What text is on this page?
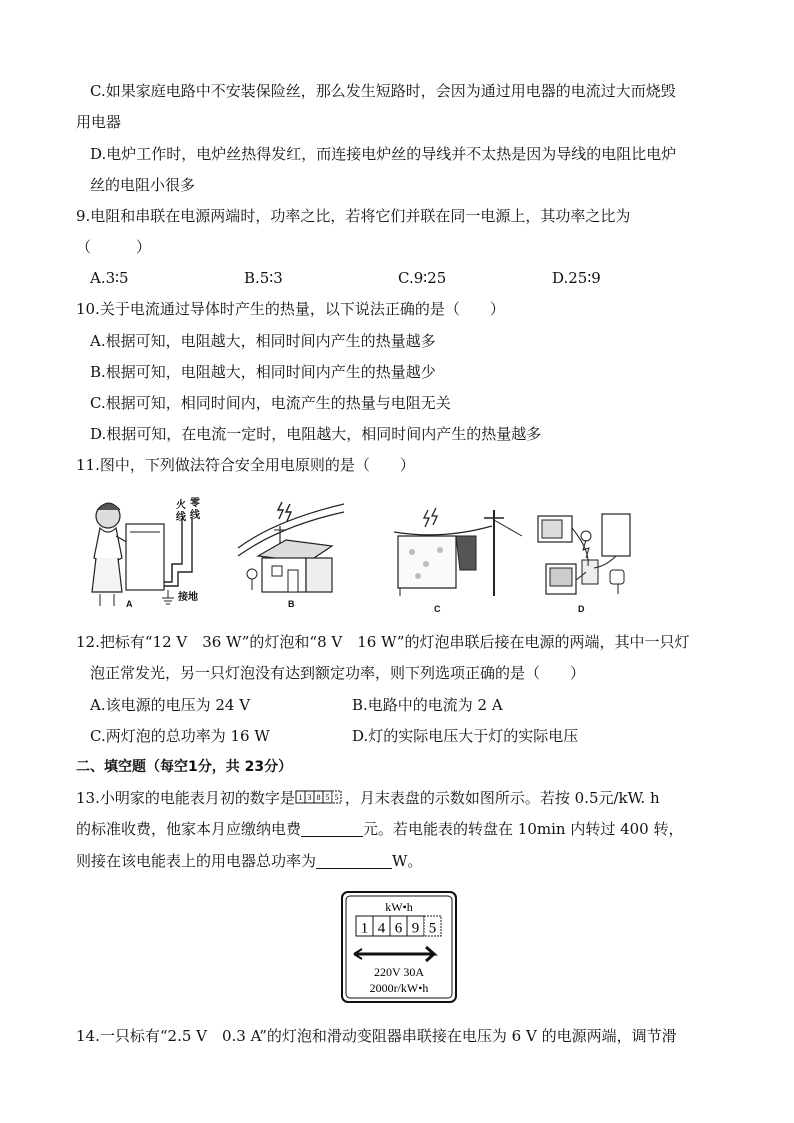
C.如果家庭电路中不安装保险丝，那么发生短路时，会因为通过用电器的电流过大而烧毁
用电器
D.电炉工作时，电炉丝热得发红，而连接电炉丝的导线并不太热是因为导线的电阻比电炉
丝的电阻小很多
9.电阻和串联在电源两端时，功率之比，若将它们并联在同一电源上，其功率之比为
（　　　）
A.3∶5	B.5∶3	C.9∶25	D.25∶9
10.关于电流通过导体时产生的热量，以下说法正确的是（　　）
A.根据可知，电阻越大，相同时间内产生的热量越多
B.根据可知，电阻越大，相同时间内产生的热量越少
C.根据可知，相同时间内，电流产生的热量与电阻无关
D.根据可知，在电流一定时，电阻越大，相同时间内产生的热量越多
11.图中，下列做法符合安全用电原则的是（　　）
火
线
零
线
接地
A	B	C	D
12.把标有“12 V　36 W”的灯泡和“8 V　16 W”的灯泡串联后接在电源的两端，其中一只灯
泡正常发光，另一只灯泡没有达到额定功率，则下列选项正确的是（　　）
A.该电源的电压为 24 V	B.电路中的电流为 2 A
C.两灯泡的总功率为 16 W	D.灯的实际电压大于灯的实际电压
二、填空题（每空1分，共 23分）
13.小明家的电能表月初的数字是 1 3 8 5 5 ，月末表盘的示数如图所示。若按 0.5元/kW. h
的标准收费，他家本月应缴纳电费	元。若电能表的转盘在 10min 内转过 400 转，
则接在该电能表上的用电器总功率为	W。
kW•h
1 4 6 9 5
220V 30A
2000r/kW•h
14.一只标有“2.5 V　0.3 A”的灯泡和滑动变阻器串联接在电压为 6 V 的电源两端，调节滑
